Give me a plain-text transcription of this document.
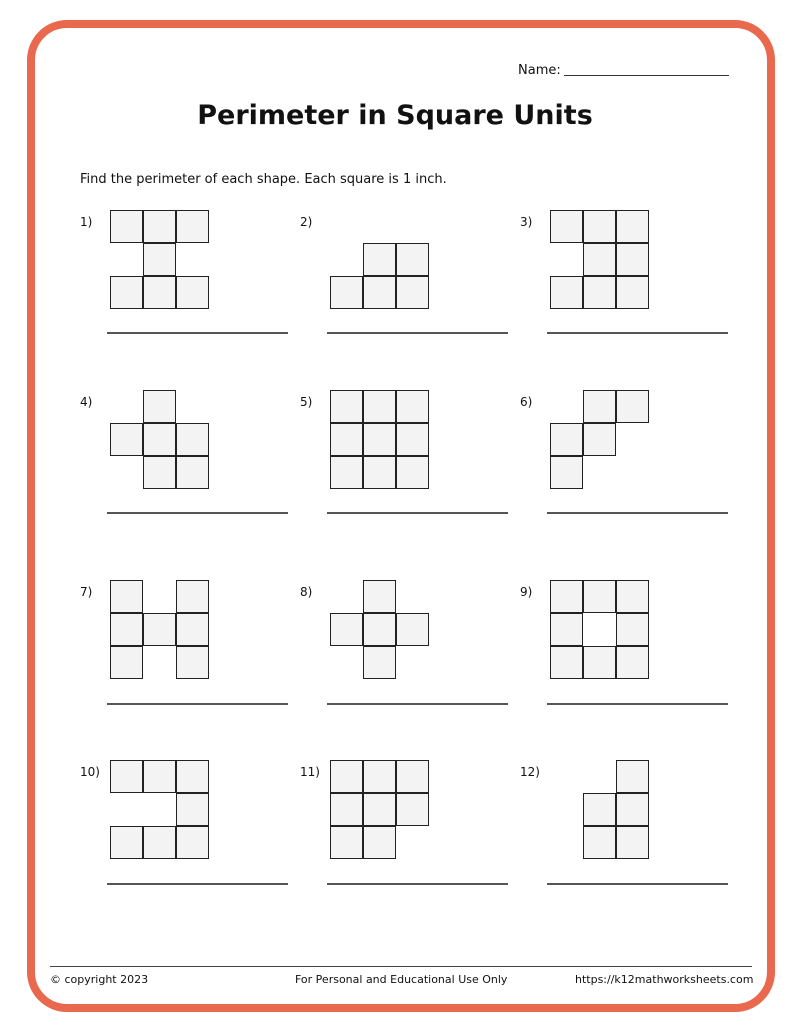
Name:
Perimeter in Square Units
Find the perimeter of each shape. Each square is 1 inch.
1)	2)	3)
4)	5)	6)
7)	8)	9)
10)	11)	12)
© copyright 2023	For Personal and Educational Use Only	https://k12mathworksheets.com
